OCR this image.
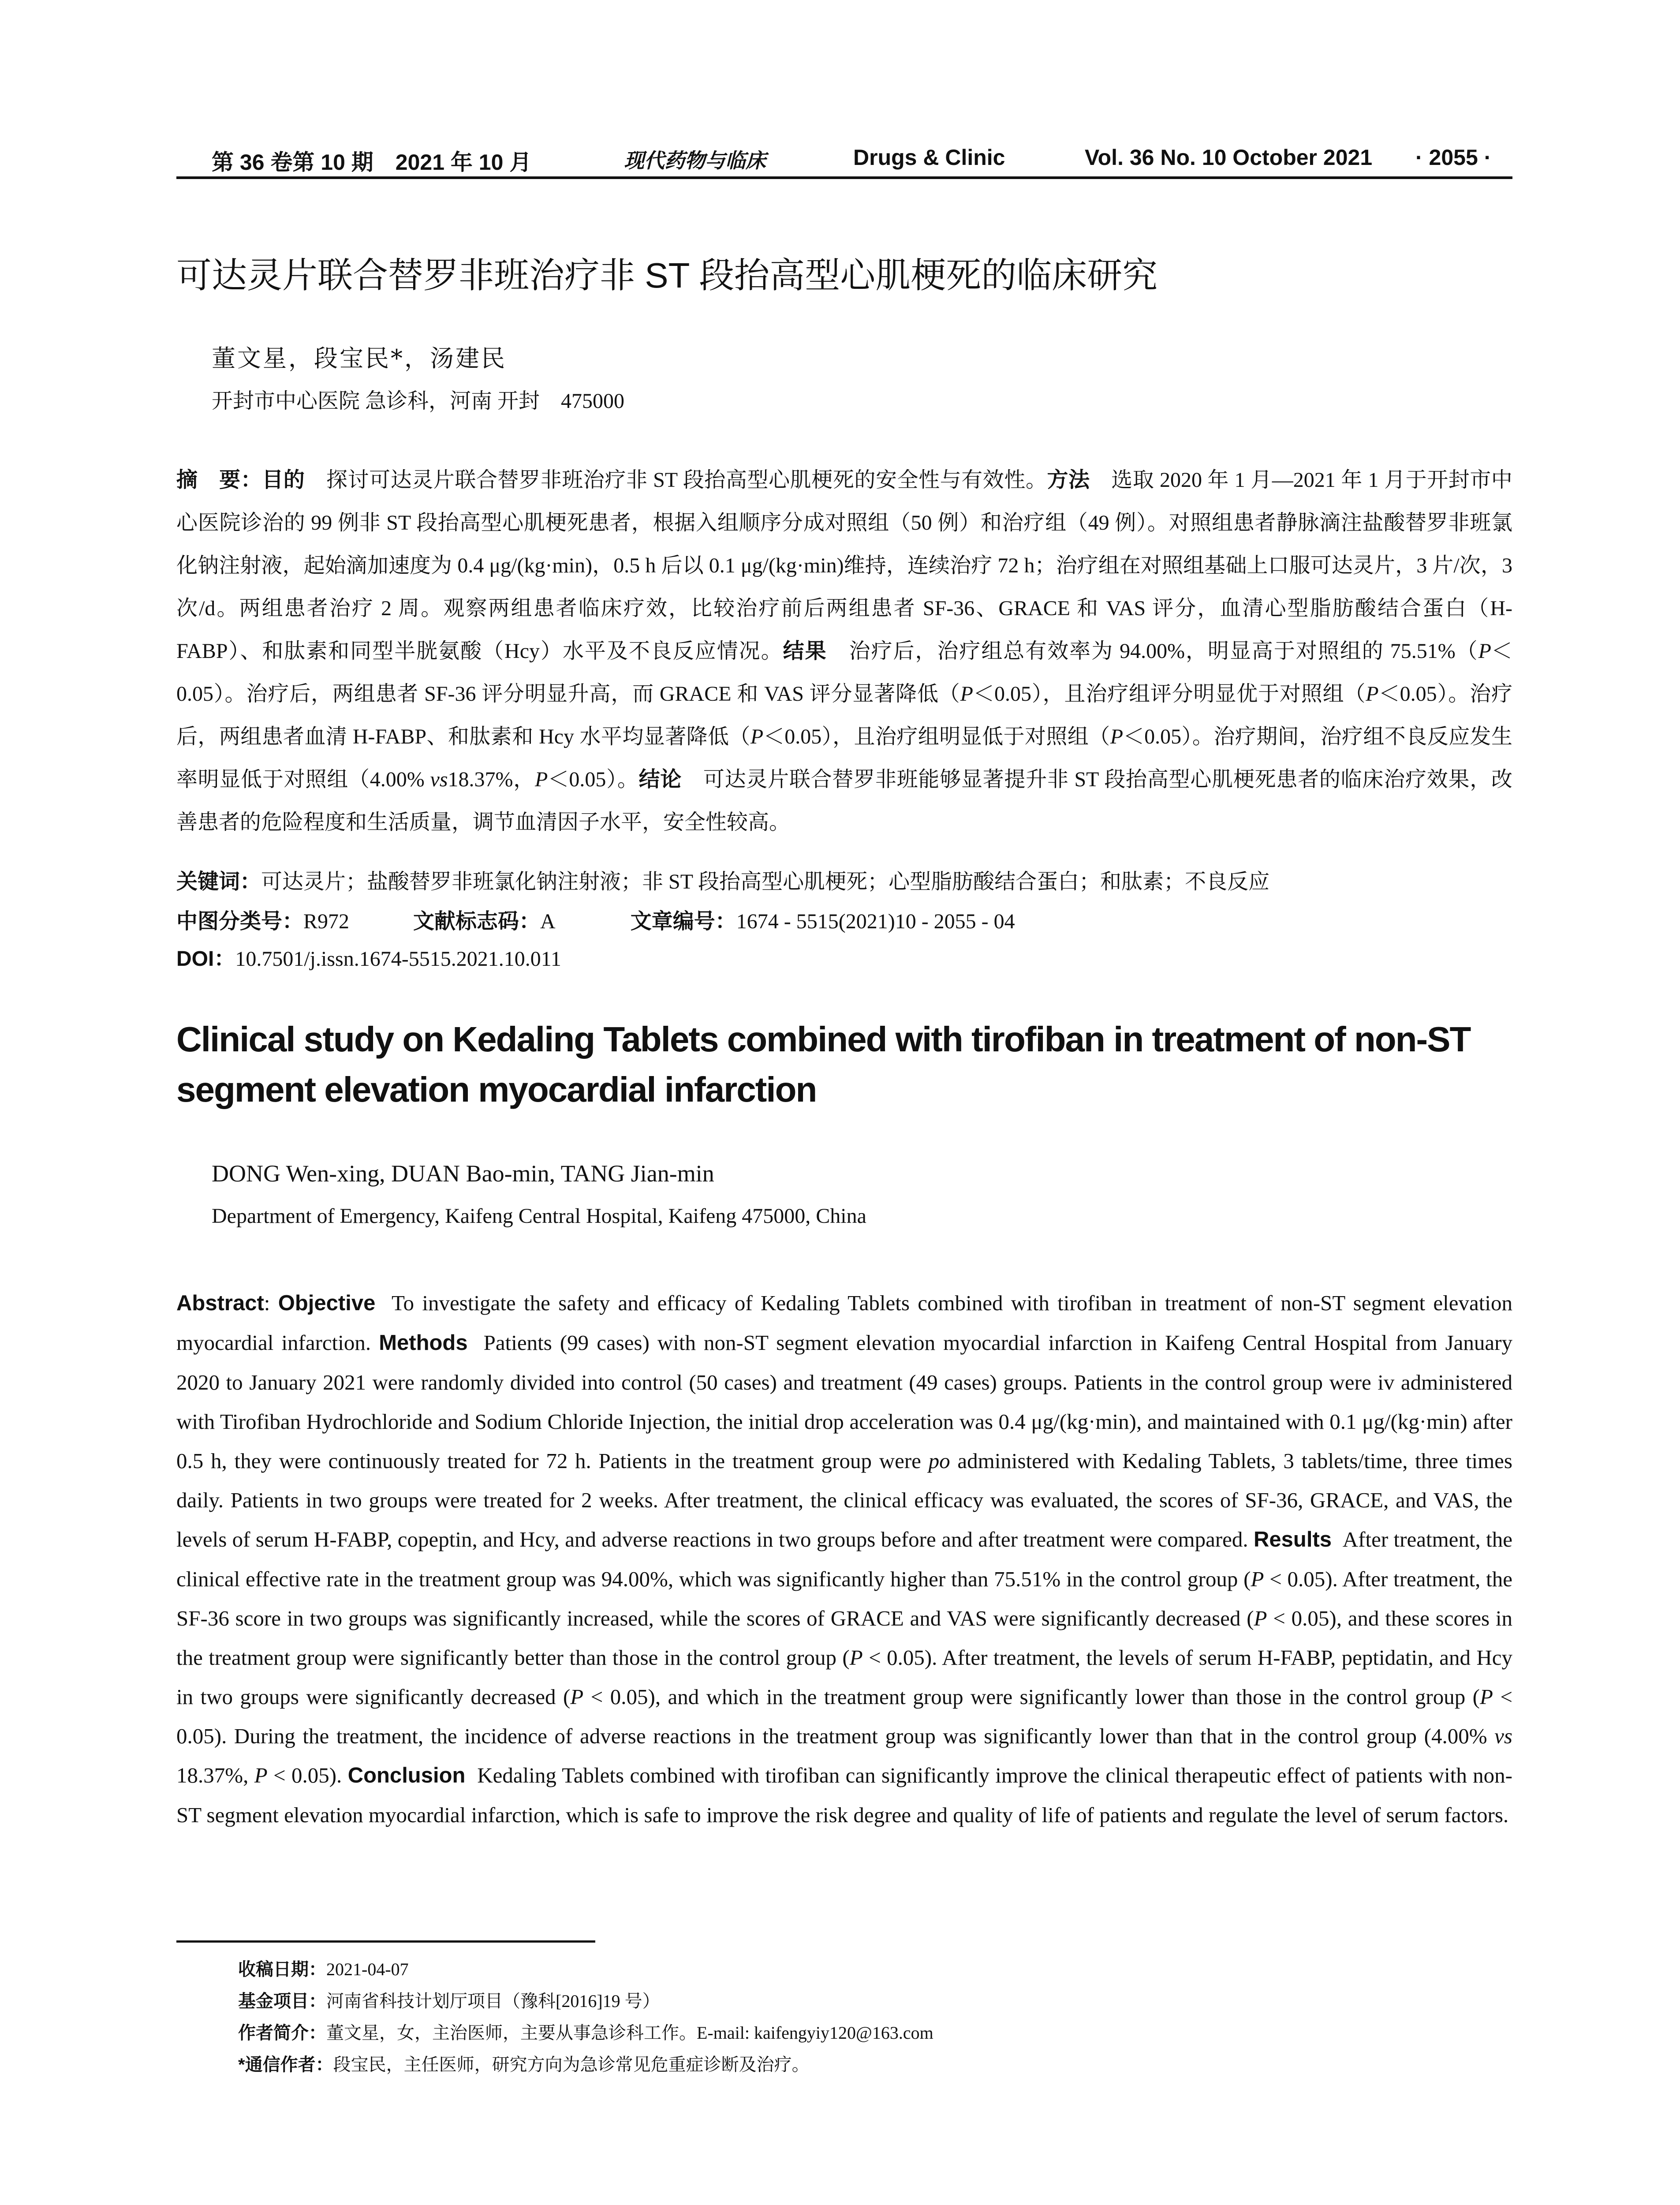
第 36 卷第 10 期　2021 年 10 月	现代药物与临床	Drugs & Clinic	Vol. 36 No. 10 October 2021 · 2055 ·
可达灵片联合替罗非班治疗非 ST 段抬高型心肌梗死的临床研究
董文星，段宝民*，汤建民
开封市中心医院 急诊科，河南 开封　475000
摘　要：目的　 探讨可达灵片联合替罗非班治疗非 ST 段抬高型心肌梗死的安全性与有效性。方法　 选取 2020 年 1 月—2021 年 1 月于开封市中心医院诊治的 99 例非 ST 段抬高型心肌梗死患者，根据入组顺序分成对照组（50 例）和治疗组（49 例）。对照组患者静脉滴注盐酸替罗非班氯化钠注射液，起始滴加速度为 0.4 μg/(kg·min)，0.5 h 后以 0.1 μg/(kg·min)维持，连续治疗 72 h；治疗组在对照组基础上口服可达灵片，3 片/次，3 次/d。两组患者治疗 2 周。观察两组患者临床疗效，比较治疗前后两组患者 SF-36、GRACE 和 VAS 评分，血清心型脂肪酸结合蛋白（H-FABP）、和肽素和同型半胱氨酸（Hcy）水平及不良反应情况。结果　 治疗后，治疗组总有效率为 94.00%，明显高于对照组的 75.51%（P＜0.05）。治疗后，两组患者 SF-36 评分明显升高，而 GRACE 和 VAS 评分显著降低（P＜0.05），且治疗组评分明显优于对照组（P＜0.05）。治疗后，两组患者血清 H-FABP、和肽素和 Hcy 水平均显著降低（P＜0.05），且治疗组明显低于对照组（P＜0.05）。治疗期间，治疗组不良反应发生率明显低于对照组（4.00% vs18.37%，P＜0.05）。结论　 可达灵片联合替罗非班能够显著提升非 ST 段抬高型心肌梗死患者的临床治疗效果，改善患者的危险程度和生活质量，调节血清因子水平，安全性较高。
关键词：可达灵片；盐酸替罗非班氯化钠注射液；非 ST 段抬高型心肌梗死；心型脂肪酸结合蛋白；和肽素；不良反应
中图分类号：R972	文献标志码：A	文章编号：1674 - 5515(2021)10 - 2055 - 04
DOI：10.7501/j.issn.1674-5515.2021.10.011
Clinical study on Kedaling Tablets combined with tirofiban in treatment of non-ST segment elevation myocardial infarction
DONG Wen-xing, DUAN Bao-min, TANG Jian-min
Department of Emergency, Kaifeng Central Hospital, Kaifeng 475000, China
Abstract: Objective To investigate the safety and efficacy of Kedaling Tablets combined with tirofiban in treatment of non-ST segment elevation myocardial infarction. Methods Patients (99 cases) with non-ST segment elevation myocardial infarction in Kaifeng Central Hospital from January 2020 to January 2021 were randomly divided into control (50 cases) and treatment (49 cases) groups. Patients in the control group were iv administered with Tirofiban Hydrochloride and Sodium Chloride Injection, the initial drop acceleration was 0.4 μg/(kg·min), and maintained with 0.1 μg/(kg·min) after 0.5 h, they were continuously treated for 72 h. Patients in the treatment group were po administered with Kedaling Tablets, 3 tablets/time, three times daily. Patients in two groups were treated for 2 weeks. After treatment, the clinical efficacy was evaluated, the scores of SF-36, GRACE, and VAS, the levels of serum H-FABP, copeptin, and Hcy, and adverse reactions in two groups before and after treatment were compared. Results After treatment, the clinical effective rate in the treatment group was 94.00%, which was significantly higher than 75.51% in the control group (P < 0.05). After treatment, the SF-36 score in two groups was significantly increased, while the scores of GRACE and VAS were significantly decreased (P < 0.05), and these scores in the treatment group were significantly better than those in the control group (P < 0.05). After treatment, the levels of serum H-FABP, peptidatin, and Hcy in two groups were significantly decreased (P < 0.05), and which in the treatment group were significantly lower than those in the control group (P < 0.05). During the treatment, the incidence of adverse reactions in the treatment group was significantly lower than that in the control group (4.00% vs 18.37%, P < 0.05). Conclusion Kedaling Tablets combined with tirofiban can significantly improve the clinical therapeutic effect of patients with non-ST segment elevation myocardial infarction, which is safe to improve the risk degree and quality of life of patients and regulate the level of serum factors.
收稿日期：2021-04-07
基金项目：河南省科技计划厅项目（豫科[2016]19 号）
作者简介：董文星，女，主治医师，主要从事急诊科工作。E-mail: kaifengyiy120@163.com
*通信作者：段宝民，主任医师，研究方向为急诊常见危重症诊断及治疗。
